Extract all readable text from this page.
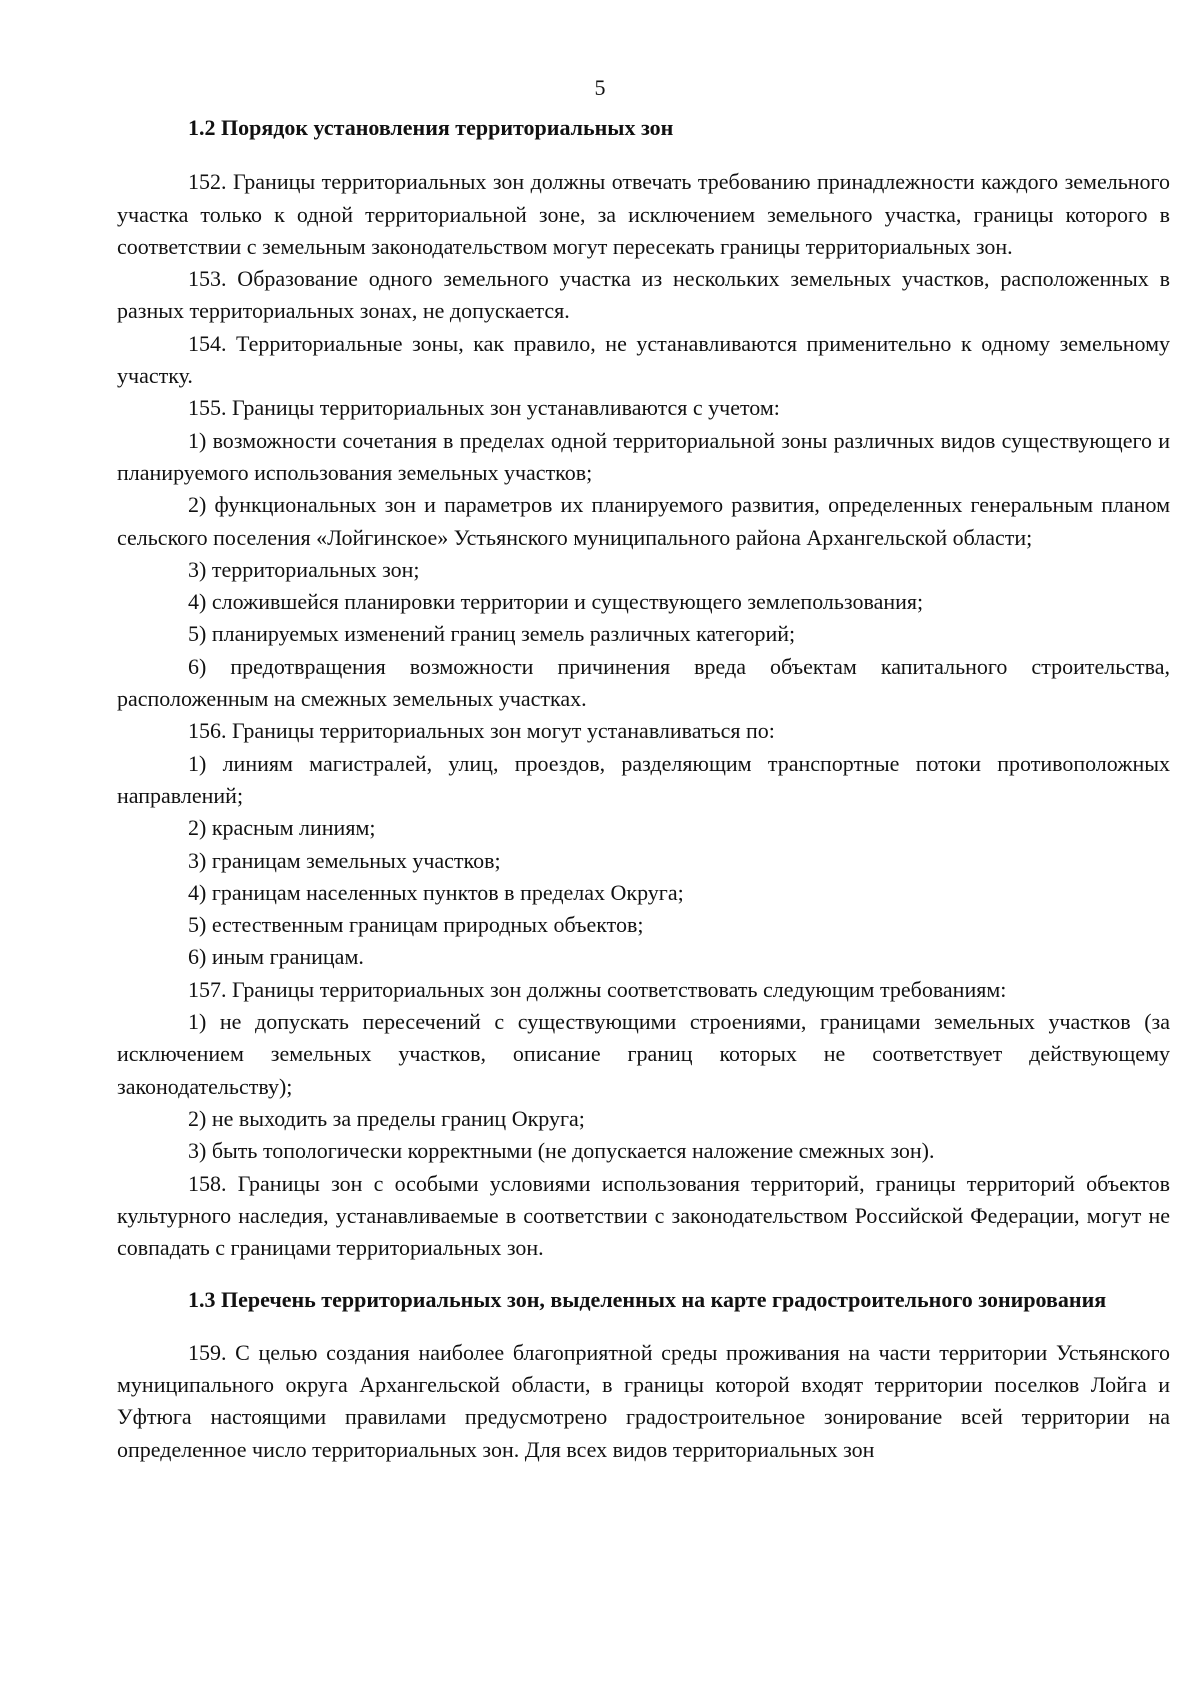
5

1.2 Порядок установления территориальных зон

152. Границы территориальных зон должны отвечать требованию принадлежности каждого земельного участка только к одной территориальной зоне, за исключением земельного участка, границы которого в соответствии с земельным законодательством могут пересекать границы территориальных зон.

153. Образование одного земельного участка из нескольких земельных участков, расположенных в разных территориальных зонах, не допускается.

154. Территориальные зоны, как правило, не устанавливаются применительно к одному земельному участку.

155. Границы территориальных зон устанавливаются с учетом:

1) возможности сочетания в пределах одной территориальной зоны различных видов существующего и планируемого использования земельных участков;

2) функциональных зон и параметров их планируемого развития, определенных генеральным планом сельского поселения «Лойгинское» Устьянского муниципального района Архангельской области;

3) территориальных зон;

4) сложившейся планировки территории и существующего землепользования;

5) планируемых изменений границ земель различных категорий;

6) предотвращения возможности причинения вреда объектам капитального строительства, расположенным на смежных земельных участках.

156. Границы территориальных зон могут устанавливаться по:

1) линиям магистралей, улиц, проездов, разделяющим транспортные потоки противоположных направлений;

2) красным линиям;

3) границам земельных участков;

4) границам населенных пунктов в пределах Округа;

5) естественным границам природных объектов;

6) иным границам.

157. Границы территориальных зон должны соответствовать следующим требованиям:

1) не допускать пересечений с существующими строениями, границами земельных участков (за исключением земельных участков, описание границ которых не соответствует действующему законодательству);

2) не выходить за пределы границ Округа;

3) быть топологически корректными (не допускается наложение смежных зон).

158. Границы зон с особыми условиями использования территорий, границы территорий объектов культурного наследия, устанавливаемые в соответствии с законодательством Российской Федерации, могут не совпадать с границами территориальных зон.

1.3 Перечень территориальных зон, выделенных на карте градостроительного зонирования

159. С целью создания наиболее благоприятной среды проживания на части территории Устьянского муниципального округа Архангельской области, в границы которой входят территории поселков Лойга и Уфтюга настоящими правилами предусмотрено градостроительное зонирование всей территории на определенное число территориальных зон. Для всех видов территориальных зон
